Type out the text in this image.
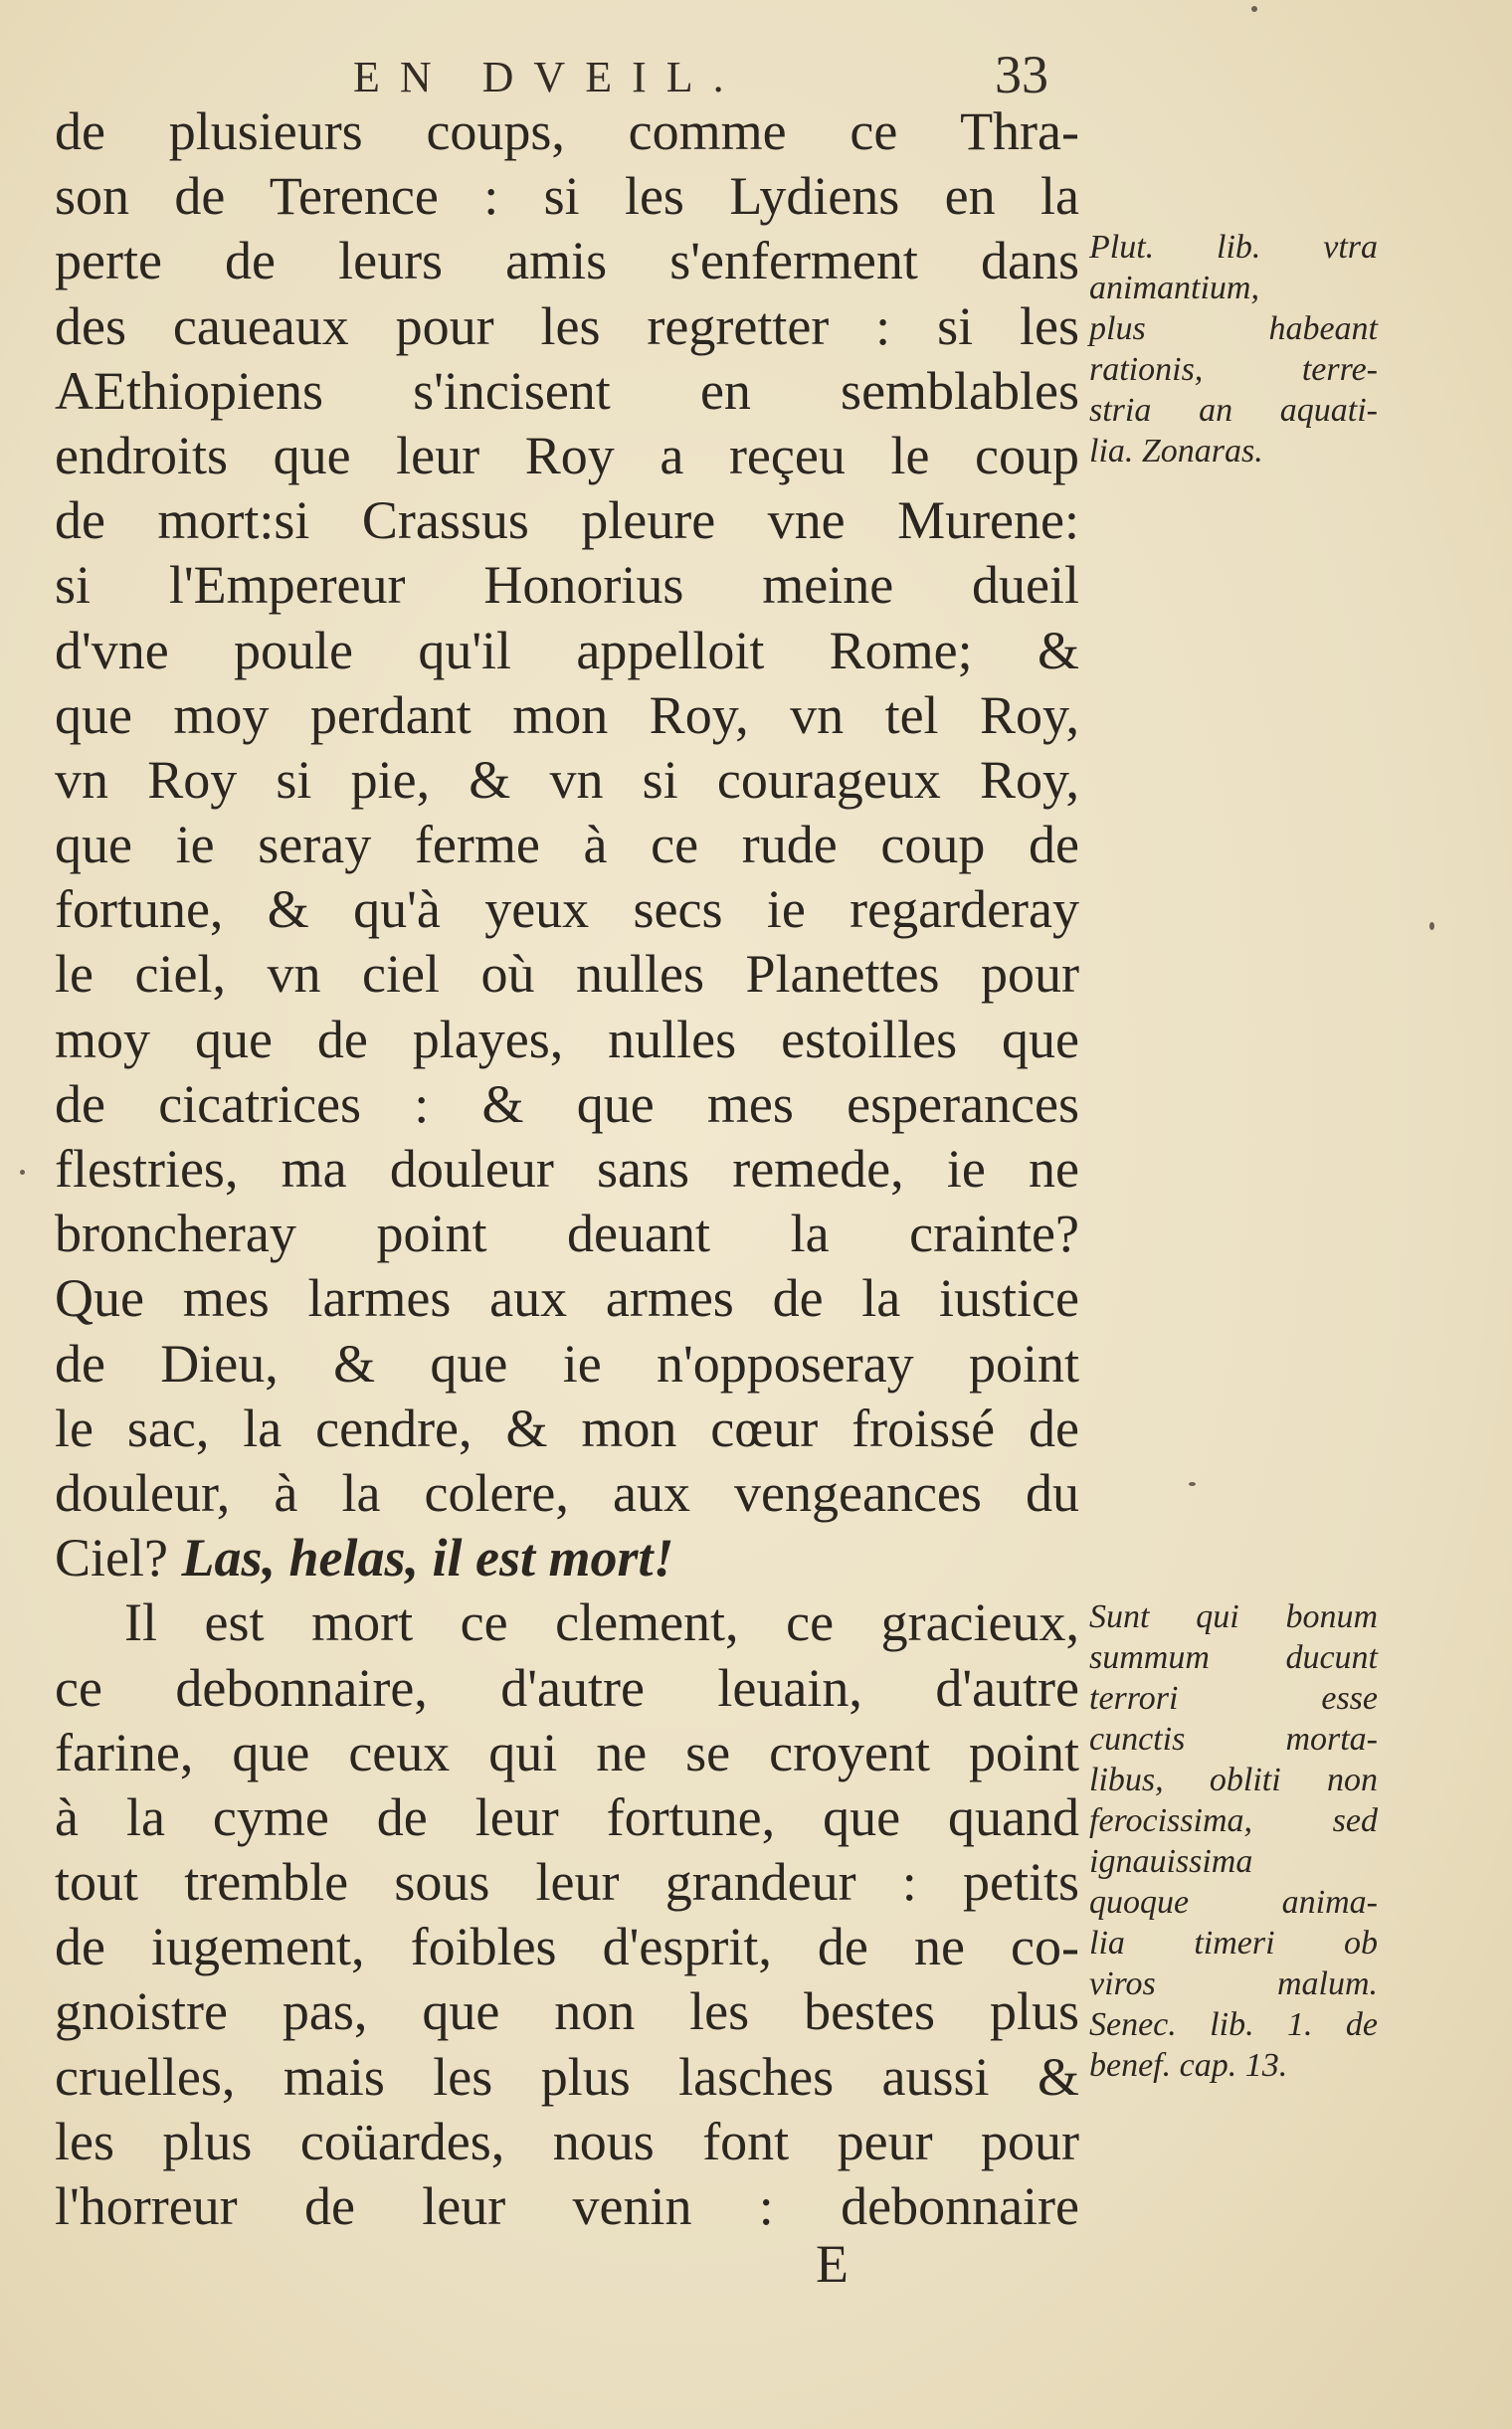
EN DVEIL.	33
de plusieurs coups, comme ce Thra-
son de Terence : si les Lydiens en la
perte de leurs amis s'enferment dans
des caueaux pour les regretter : si les
AEthiopiens s'incisent en semblables
endroits que leur Roy a reçeu le coup
de mort:si Crassus pleure vne Murene:
si l'Empereur Honorius meine dueil
d'vne poule qu'il appelloit Rome; &
que moy perdant mon Roy, vn tel Roy,
vn Roy si pie, & vn si courageux Roy,
que ie seray ferme à ce rude coup de
fortune, & qu'à yeux secs ie regarderay
le ciel, vn ciel où nulles Planettes pour
moy que de playes, nulles estoilles que
de cicatrices : & que mes esperances
flestries, ma douleur sans remede, ie ne
broncheray point deuant la crainte?
Que mes larmes aux armes de la iustice
de Dieu, & que ie n'opposeray point
le sac, la cendre, & mon cœur froissé de
douleur, à la colere, aux vengeances du
Ciel? Las, helas, il est mort!
Il est mort ce clement, ce gracieux,
ce debonnaire, d'autre leuain, d'autre
farine, que ceux qui ne se croyent point
à la cyme de leur fortune, que quand
tout tremble sous leur grandeur : petits
de iugement, foibles d'esprit, de ne co-
gnoistre pas, que non les bestes plus
cruelles, mais les plus lasches aussi &
les plus coüardes, nous font peur pour
l'horreur de leur venin : debonnaire
Plut. lib. vtra
animantium,
plus habeant
rationis, terre-
stria an aquati-
lia. Zonaras.
Sunt qui bonum
summum ducunt
terrori esse
cunctis morta-
libus, obliti non
ferocissima, sed
ignauissima
quoque anima-
lia timeri ob
viros malum.
Senec. lib. 1. de
benef. cap. 13.
E
